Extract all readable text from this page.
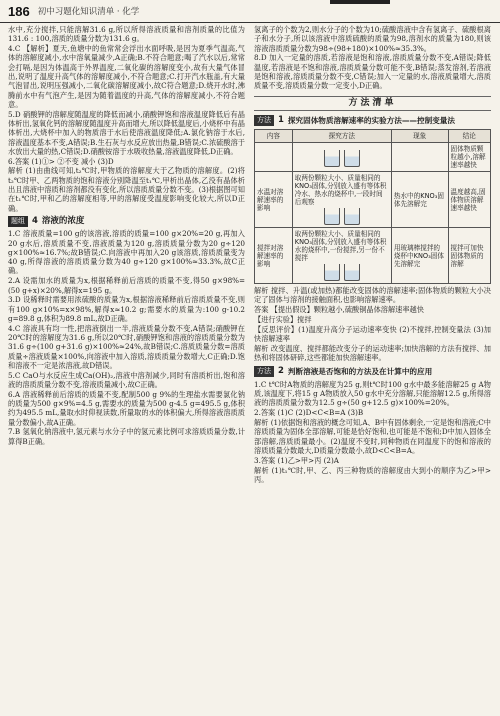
186 初中习题化知识清单 · 化学

水中,充分搅拌,只能溶解31.6 g,所以所得溶液质量和溶剂质量的比值为131.6 : 100,溶质的质量分数为131.6 g。

4.C 【解析】夏天,鱼塘中的鱼常常会浮出水面呼吸,是因为夏季气温高,气体的溶解度减小,水中溶氧量减少,A正确;B.不符合题意;喝了汽水以后,常常会打嗝,是因为体温高于外界温度,二氧化碳的溶解度变小,故有大量气体冒出,说明了温度升高气体的溶解度减小,不符合题意;C.打开汽水瓶盖,有大量气泡冒出,说明压强减小,二氧化碳溶解度减小,故C符合题意;D.烧开水时,沸腾前水中有气泡产生,是因为随着温度的升高,气体的溶解度减小,不符合题意。

5.D 硝酸钾的溶解度随温度的降低而减小,硝酸钾饱和溶液温度降低后有晶体析出,氢氧化钙的溶解度随温度升高而增大,所以降低温度后,小烧杯中有晶体析出,大烧杯中加入的物质溶于水后使溶液温度降低;A.氯化钠溶于水后,溶液温度基本不变,A错误;B.生石灰与水反应放出热量,B错误;C.浓硫酸溶于水放出大量的热,C错误;D.硝酸铵溶于水吸收热量,溶液温度降低,D正确。

6.答案 (1)①> ②不变 减小 (3)D

解析 (1)由曲线可知,t₂℃时,甲物质的溶解度大于乙物质的溶解度。(2)将t₂℃时甲、乙两物质的饱和溶液分别降温至t₁℃,甲析出晶体,乙没有晶体析出且溶液中溶质和溶剂都没有变化,所以溶质质量分数不变。(3)根据图可知在t₁℃时,甲和乙的溶解度相等,甲的溶解度受温度影响变化较大,所以D正确。

题组 4 溶液的浓度

1.C 溶液质量=100 g的该溶液,溶质的质量=100 g×20%=20 g,再加入20 g水后,溶质质量不变,溶液质量为120 g,溶质质量分数为20 g÷120 g×100%≈16.7%;故B错误;C.向溶液中再加入20 g该溶质,溶质质量变为40 g,所得溶液的溶质质量分数为40 g÷120 g×100%≈33.3%,故C正确。

2.A 设需加水的质量为x,根据稀释前后溶质的质量不变,得50 g×98%=(50 g+x)×20%,解得x=195 g。

3.D 设稀释时需要用浓硫酸的质量为x,根据溶液稀释前后溶质质量不变,则有100 g×10%=x×98%,解得x≈10.2 g;需要水的质量为:100 g-10.2 g=89.8 g,体积为89.8 mL,故D正确。

4.C 溶液具有均一性,把溶液倒出一半,溶液质量分数不变,A错误;硝酸钾在20℃时的溶解度为31.6 g,所以20℃时,硝酸钾饱和溶液的溶质质量分数为31.6 g÷(100 g+31.6 g)×100%≈24%,故B错误;C.溶质质量分数=溶质质量÷溶液质量×100%,向溶液中加入溶质,溶质质量分数增大,C正确;D.饱和溶液不一定是浓溶液,故D错误。

5.C CaO与水反应生成Ca(OH)₂,溶液中溶剂减少,同时有溶质析出,饱和溶液的溶质质量分数不变,溶液质量减小,故C正确。

6.A 溶液稀释前后溶质的质量不变,配制500 g 9%的生理盐水需要氯化钠的质量为500 g×9%=4.5 g,需要水的质量为500 g-4.5 g=495.5 g,体积约为495.5 mL,量取水时仰视读数,所量取的水的体积偏大,所得溶液溶质质量分数偏小,故A正确。

7.B 氢氧化钠溶液中,氢元素与水分子中的氢元素比例可求溶质质量分数,计算得B正确。

氢离子的个数为2,则水分子的个数为10;硫酸溶液中含有氢离子、硫酸根离子和水分子,所以该溶液中溶质硫酸的质量为98,溶剂水的质量为180,则该溶液溶质质量分数为98÷(98+180)×100%≈35.3%。

8.D 加入一定量的溶质,若溶液是饱和溶液,溶质质量分数不变,A错误;降低温度,若溶液是不饱和溶液,溶质质量分数可能不变,B错误;蒸发溶剂,若溶液是饱和溶液,溶质质量分数不变,C错误;加入一定量的水,溶液质量增大,溶质质量不变,溶质质量分数一定变小,D正确。

方法清单
方法 1 探究固体物质溶解速率的实验方法——控制变量法
内容	探究方法	现象	结论

		固体物质颗粒越小,溶解速率越快
水温对溶解速率的影响	取两份颗粒大小、质量相同的KNO₃固体,分别放入盛有等体积冷水、热水的烧杯中,一段时间后观察	热水中的KNO₃固体先溶解完	温度越高,固体物质溶解速率越快
搅拌对溶解速率的影响	取两份颗粒大小、质量相同的KNO₃固体,分别放入盛有等体积水的烧杯中,一份搅拌,另一份不搅拌	用玻璃棒搅拌的烧杯中KNO₃固体先溶解完	搅拌可加快固体物质的溶解

解析 搅拌、升温(或加热)都能改变固体的溶解速率;固体物质的颗粒大小决定了固体与溶剂的接触面积,也影响溶解速率。

答案 【提出假设】颗粒越小,硫酸铜晶体溶解速率越快

【进行实验】搅拌

【反思评价】(1)温度升高分子运动速率变快 (2)不搅拌,控制变量法 (3)加快溶解速率

解析 改变温度、搅拌都能改变分子的运动速率;加快溶解的方法有搅拌、加热和将固体研碎,这些都能加快溶解速率。

方法 2 判断溶液是否饱和的方法及在计算中的应用

1.C t℃时A物质的溶解度为25 g,则t℃时100 g水中最多能溶解25 g A物质,该温度下,将15 g A物质放入50 g水中充分溶解,只能溶解12.5 g,所得溶液的溶质质量分数为12.5 g÷(50 g+12.5 g)×100%=20%。

2.答案 (1)C (2)D<C<B=A (3)B

解析 (1)依据饱和溶液的概念可知,A、B中有固体剩余,一定是饱和溶液;C中溶质质量为固体全部溶解,可能是恰好饱和,也可能是不饱和;D中加入固体全部溶解,溶质质量最小。(2)温度不变时,同种物质在同温度下的饱和溶液的溶质质量分数最大,D质量分数最小,故D<C<B=A。

3.答案 (1)乙>甲>丙 (2)A

解析 (1)t₁℃时,甲、乙、丙三种物质的溶解度由大到小的顺序为乙>甲>丙。
